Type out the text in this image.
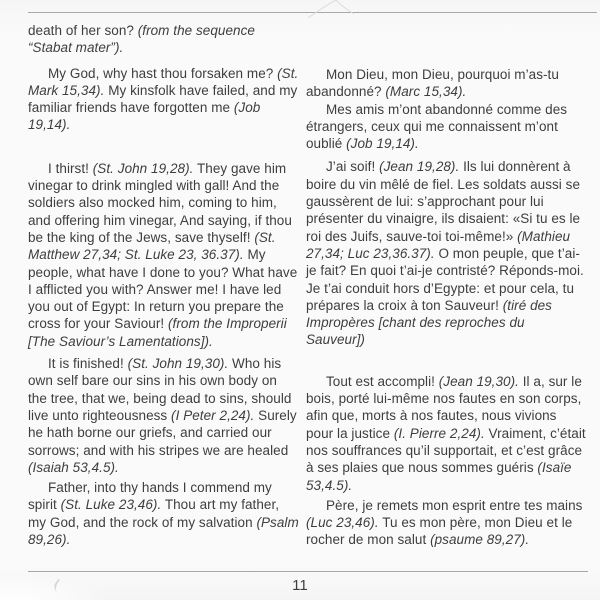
death of her son? (from the sequence “Stabat mater”).

My God, why hast thou forsaken me? (St. Mark 15,34). My kinsfolk have failed, and my familiar friends have forgotten me (Job 19,14).

I thirst! (St. John 19,28). They gave him vinegar to drink mingled with gall! And the soldiers also mocked him, coming to him, and offering him vinegar, And saying, if thou be the king of the Jews, save thyself! (St. Matthew 27,34; St. Luke 23, 36.37). My people, what have I done to you? What have I afflicted you with? Answer me! I have led you out of Egypt: In return you prepare the cross for your Saviour! (from the Improperii [The Saviour’s Lamentations]).

It is finished! (St. John 19,30). Who his own self bare our sins in his own body on the tree, that we, being dead to sins, should live unto righteousness (I Peter 2,24). Surely he hath borne our griefs, and carried our sorrows; and with his stripes we are healed (Isaiah 53,4.5).

Father, into thy hands I commend my spirit (St. Luke 23,46). Thou art my father, my God, and the rock of my salvation (Psalm 89,26).

Mon Dieu, mon Dieu, pourquoi m’as-tu abandonné? (Marc 15,34).

Mes amis m’ont abandonné comme des étrangers, ceux qui me connaissent m’ont oublié (Job 19,14).

J’ai soif! (Jean 19,28). Ils lui donnèrent à boire du vin mêlé de fiel. Les soldats aussi se gaussèrent de lui: s’approchant pour lui présenter du vinaigre, ils disaient: «Si tu es le roi des Juifs, sauve-toi toi-même!» (Mathieu 27,34; Luc 23,36.37). O mon peuple, que t’ai-je fait? En quoi t’ai-je contristé? Réponds-moi. Je t’ai conduit hors d’Egypte: et pour cela, tu prépares la croix à ton Sauveur! (tiré des Impropères [chant des reproches du Sauveur])

Tout est accompli! (Jean 19,30). Il a, sur le bois, porté lui-même nos fautes en son corps, afin que, morts à nos fautes, nous vivions pour la justice (I. Pierre 2,24). Vraiment, c’était nos souffrances qu’il supportait, et c’est grâce à ses plaies que nous sommes guéris (Isaïe 53,4.5).

Père, je remets mon esprit entre tes mains (Luc 23,46). Tu es mon père, mon Dieu et le rocher de mon salut (psaume 89,27).

11
